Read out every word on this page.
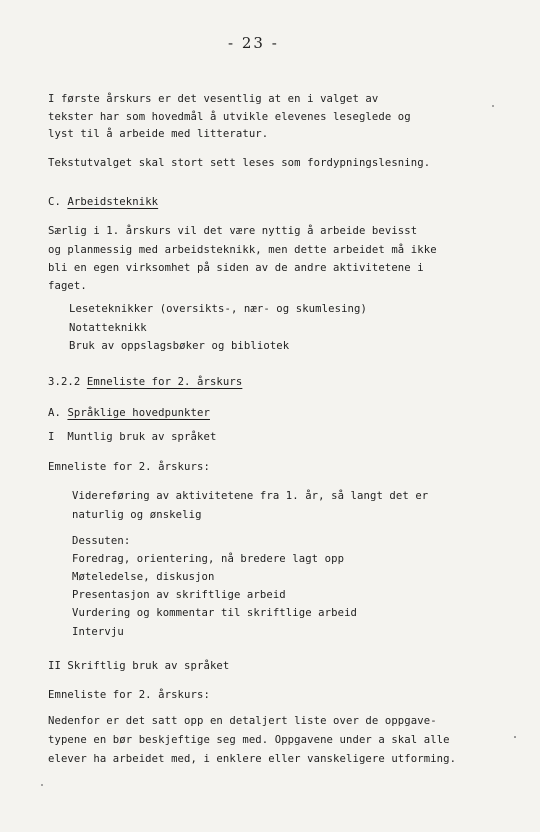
- 23 -
I første årskurs er det vesentlig at en i valget av
tekster har som hovedmål å utvikle elevenes leseglede og
lyst til å arbeide med litteratur.
Tekstutvalget skal stort sett leses som fordypningslesning.
C. Arbeidsteknikk
Særlig i 1. årskurs vil det være nyttig å arbeide bevisst
og planmessig med arbeidsteknikk, men dette arbeidet må ikke
bli en egen virksomhet på siden av de andre aktivitetene i
faget.
Leseteknikker (oversikts-, nær- og skumlesing)
Notatteknikk
Bruk av oppslagsbøker og bibliotek
3.2.2 Emneliste for 2. årskurs
A. Språklige hovedpunkter
I  Muntlig bruk av språket
Emneliste for 2. årskurs:
Videreføring av aktivitetene fra 1. år, så langt det er
naturlig og ønskelig
Dessuten:
Foredrag, orientering, nå bredere lagt opp
Møteledelse, diskusjon
Presentasjon av skriftlige arbeid
Vurdering og kommentar til skriftlige arbeid
Intervju
II Skriftlig bruk av språket
Emneliste for 2. årskurs:
Nedenfor er det satt opp en detaljert liste over de oppgave-
typene en bør beskjeftige seg med. Oppgavene under a skal alle
elever ha arbeidet med, i enklere eller vanskeligere utforming.
